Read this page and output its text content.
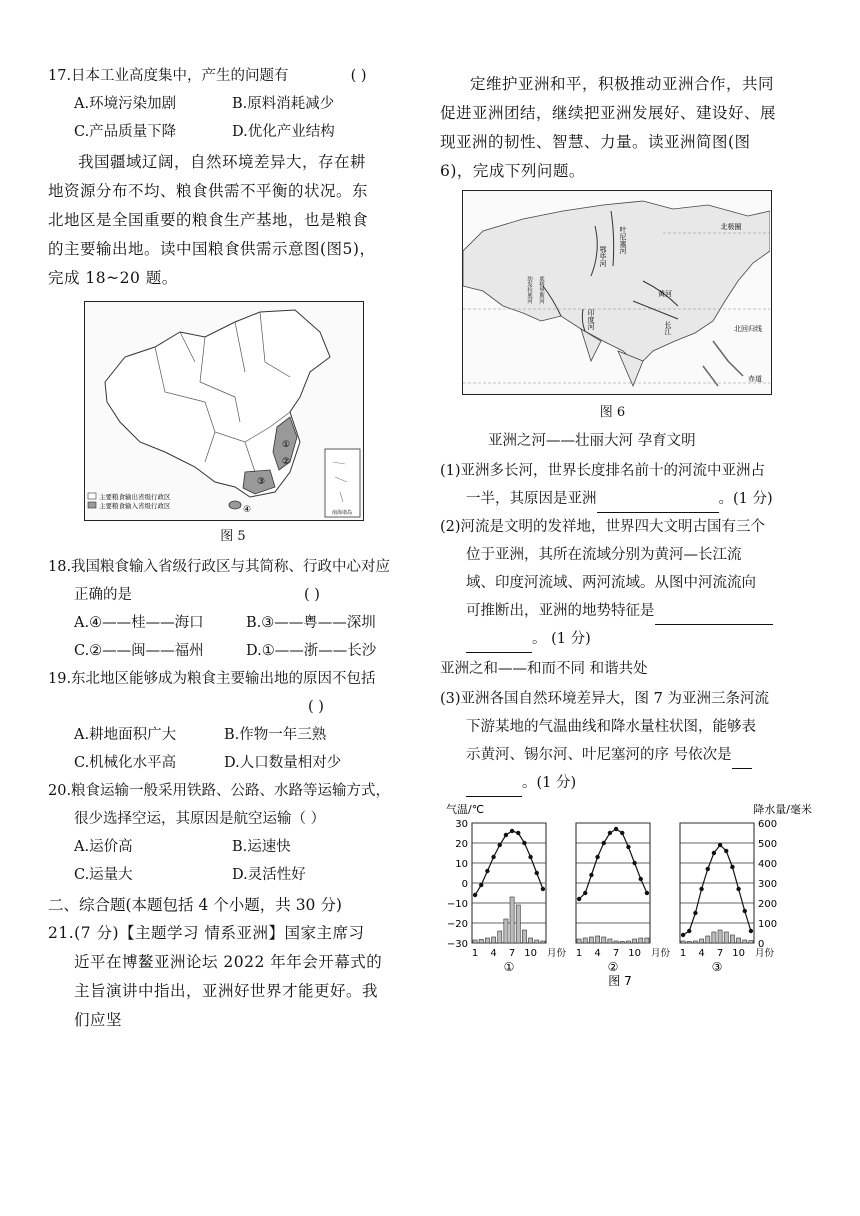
17.日本工业高度集中，产生的问题有	( )
A.环境污染加剧	B.原料消耗减少
C.产品质量下降	D.优化产业结构
我国疆域辽阔，自然环境差异大，存在耕
地资源分布不均、粮食供需不平衡的状况。东
北地区是全国重要的粮食生产基地，也是粮食
的主要输出地。读中国粮食供需示意图(图5)，
完成 18~20 题。
①
②
③
④	南海诸岛
主要粮食输出省级行政区
主要粮食输入省级行政区
图 5
18.我国粮食输入省级行政区与其简称、行政中心对应
正确的是	( )
A.④——桂——海口	B.③——粤——深圳
C.②——闽——福州	D.①——浙——长沙
19.东北地区能够成为粮食主要输出地的原因不包括
( )
A.耕地面积广大	B.作物一年三熟
C.机械化水平高	D.人口数量相对少
20.粮食运输一般采用铁路、公路、水路等运输方式，
很少选择空运，其原因是航空运输（ ）
A.运价高	B.运速快
C.运量大	D.灵活性好
二、综合题(本题包括 4 个小题，共 30 分)
21.(7 分)【主题学习 情系亚洲】国家主席习
近平在博鳌亚洲论坛 2022 年年会开幕式的
主旨演讲中指出，亚洲好世界才能更好。我
们应坚
定维护亚洲和平，积极推动亚洲合作，共同
促进亚洲团结，继续把亚洲发展好、建设好、展
现亚洲的韧性、智慧、力量。读亚洲简图(图
6)，完成下列问题。
北极圈
北回归线
赤道
叶尼塞河
鄂毕河
黄河
长江
印度河
幼发拉底河 底格里斯河
图 6
亚洲之河——壮丽大河 孕育文明
(1)亚洲多长河，世界长度排名前十的河流中亚洲占
一半，其原因是亚洲	。(1 分)
(2)河流是文明的发祥地，世界四大文明古国有三个
位于亚洲，其所在流域分别为黄河—长江流
域、印度河流域、两河流域。从图中河流流向
可推断出，亚洲的地势特征是
。 (1 分)
亚洲之和——和而不同 和谐共处
(3)亚洲各国自然环境差异大，图 7 为亚洲三条河流
下游某地的气温曲线和降水量柱状图，能够表
示黄河、锡尔河、叶尼塞河的序 号依次是
。(1 分)
气温/℃	降水量/毫米
30
20
10
0
−10
−20
−30
600
500
400
300
200
100
0
1 4 7 10 月份
①
1 4 7 10 月份
②
1 4 7 10 月份
③
图 7
